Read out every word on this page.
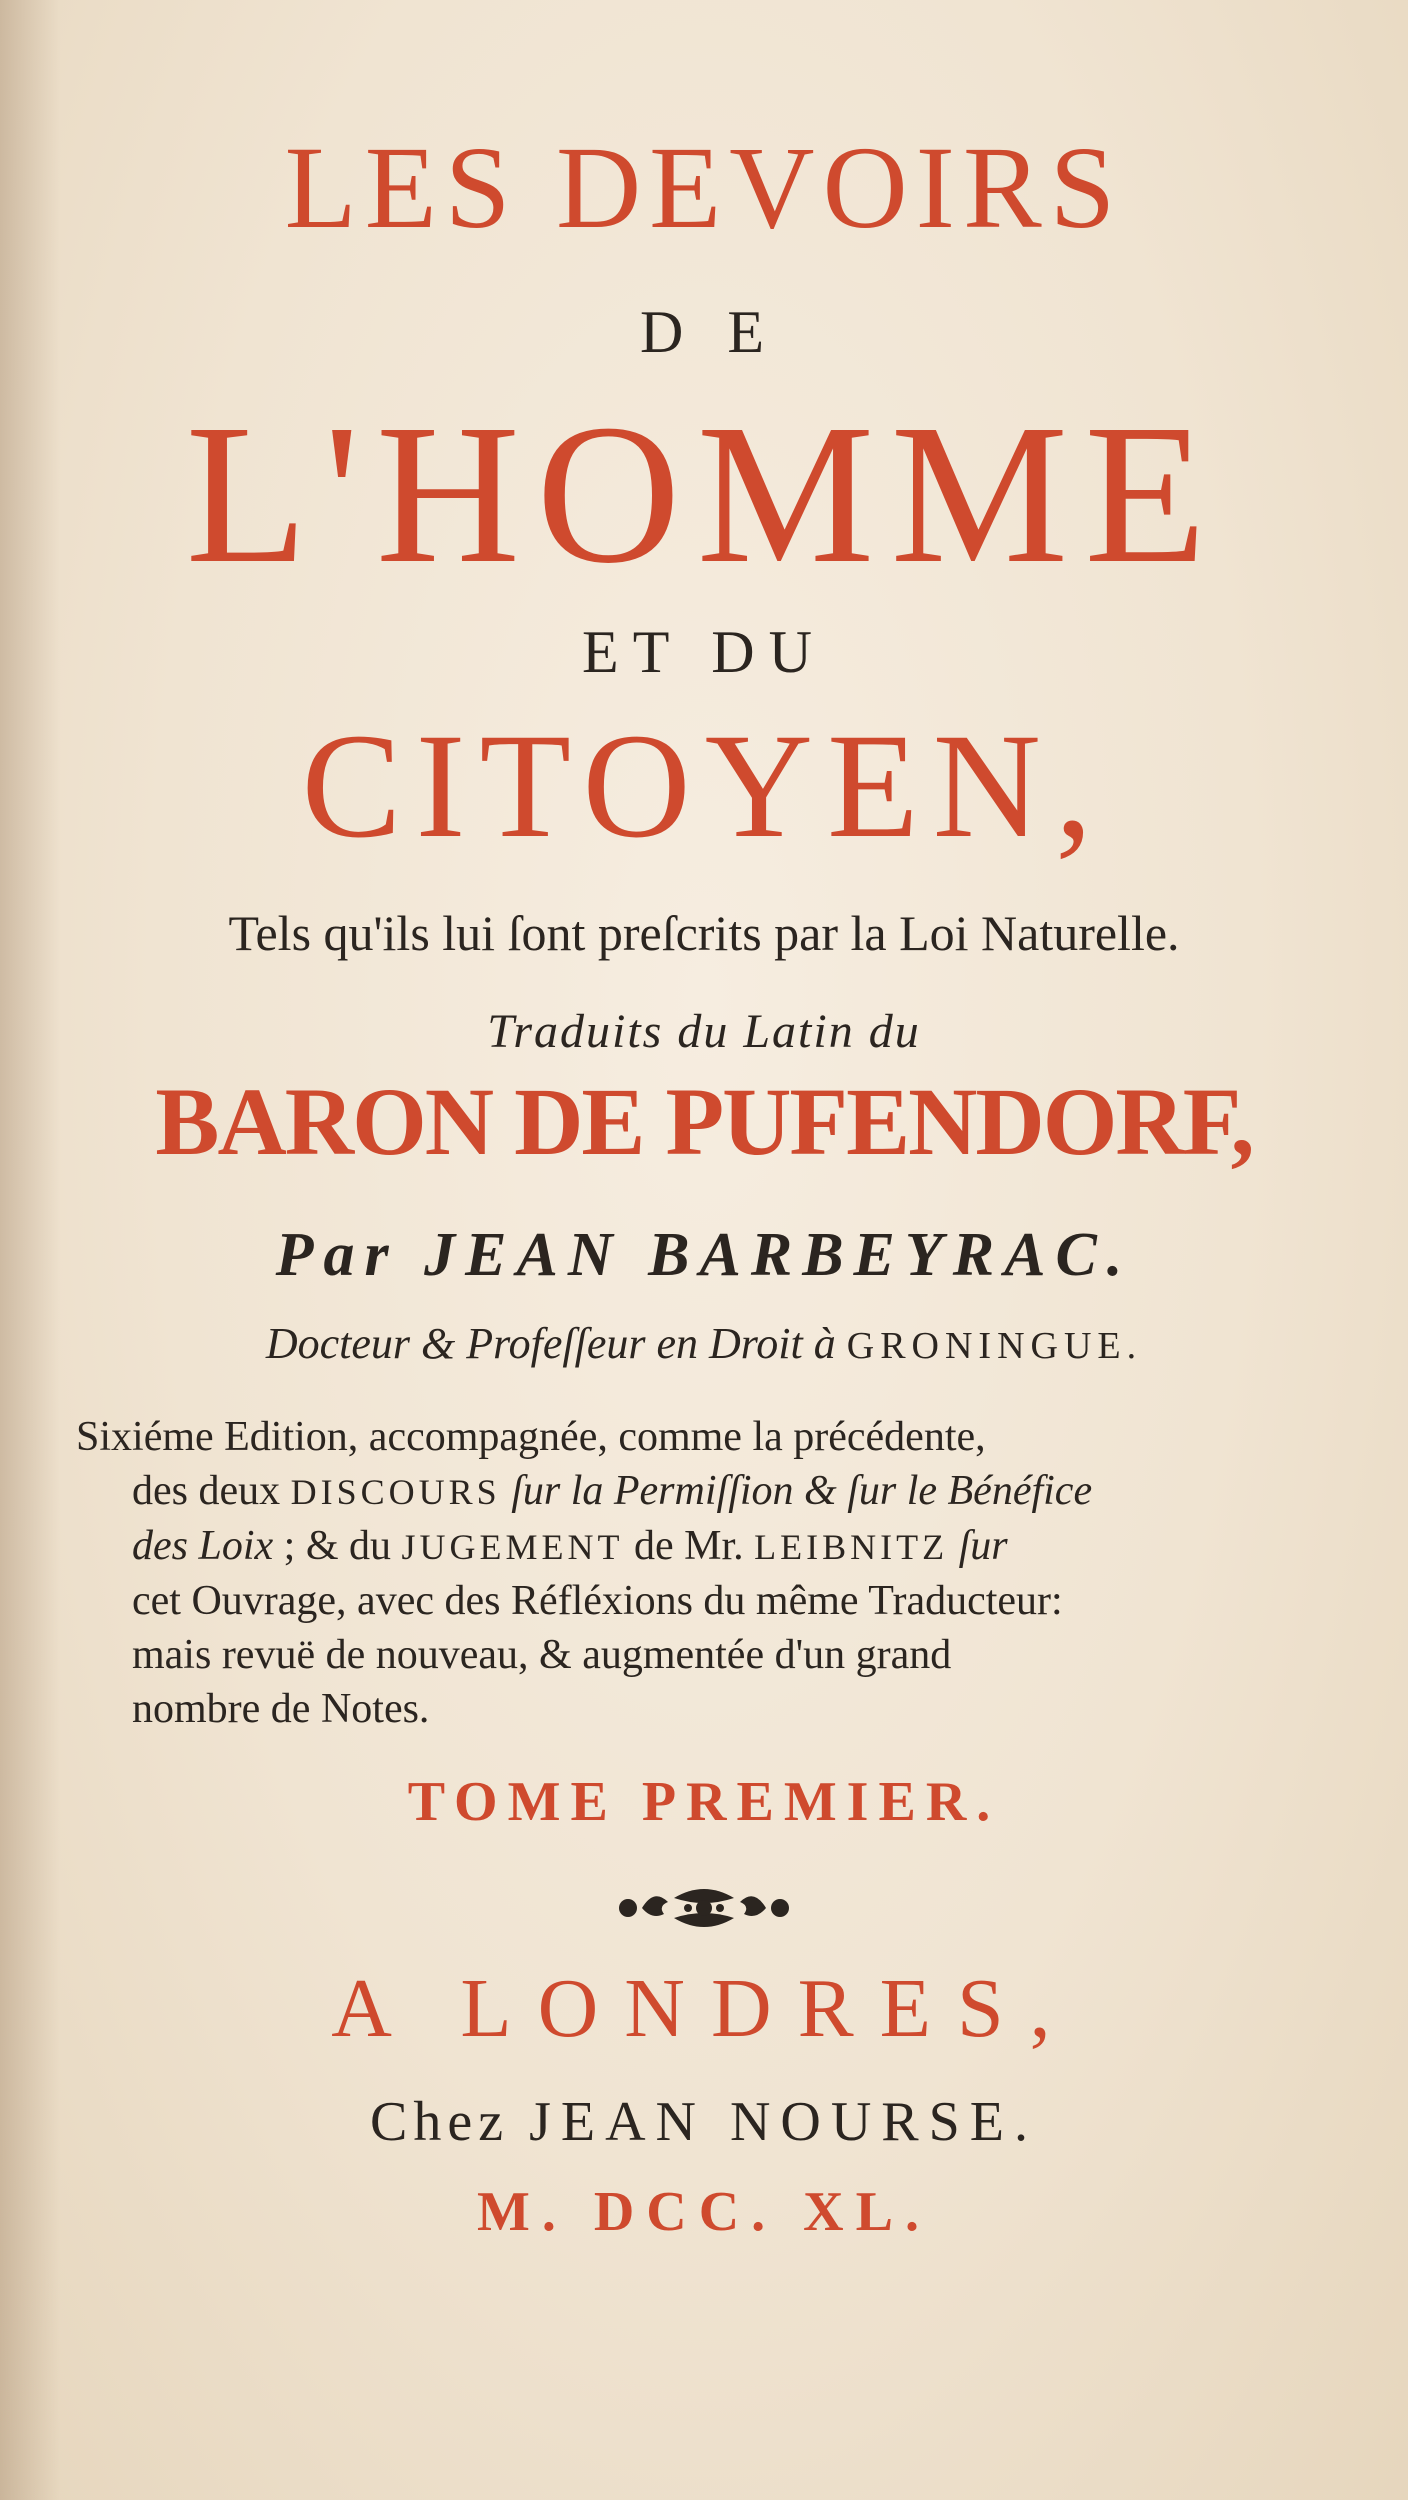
LES DEVOIRS
DE
L'HOMME
ET DU
CITOYEN,
Tels qu'ils lui ſont preſcrits par la Loi Naturelle.
Traduits du Latin du
BARON DE PUFENDORF,
Par JEAN BARBEYRAC.
Docteur & Profeſſeur en Droit à GRONINGUE.
Sixiéme Edition, accompagnée, comme la précédente,
des deux DISCOURS ſur la Permiſſion & ſur le Bénéfice
des Loix ; & du JUGEMENT de Mr. LEIBNITZ ſur
cet Ouvrage, avec des Réfléxions du même Traducteur:
mais revuë de nouveau, & augmentée d'un grand
nombre de Notes.
TOME PREMIER.
A LONDRES,
Chez JEAN NOURSE.
M. DCC. XL.
